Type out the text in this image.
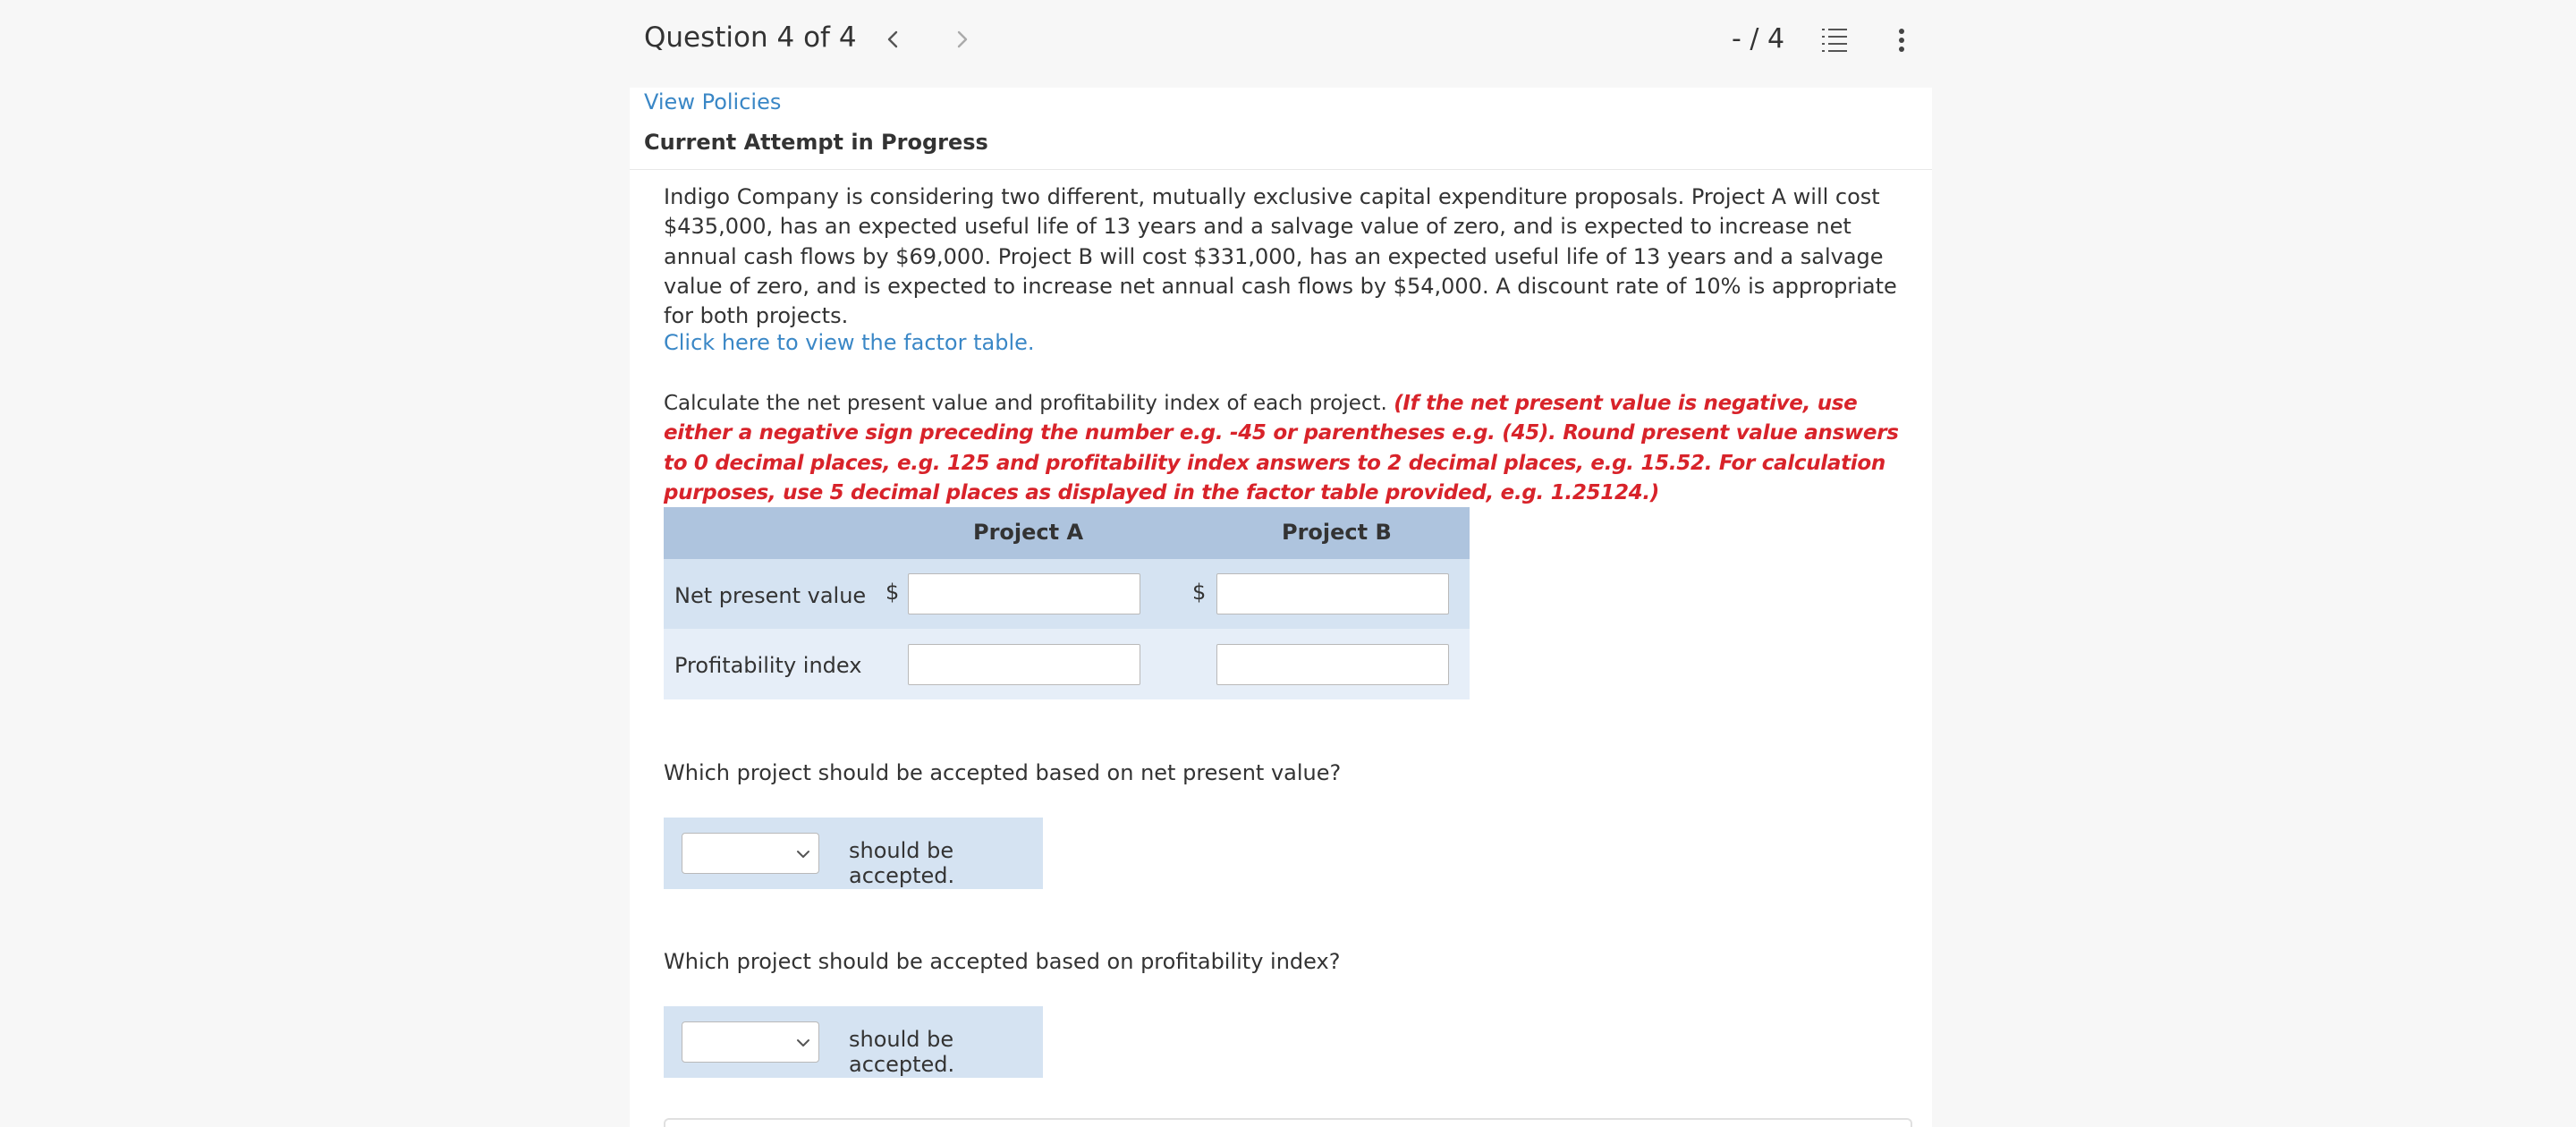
Question 4 of 4	- / 4
View Policies
Current Attempt in Progress
Indigo Company is considering two different, mutually exclusive capital expenditure proposals. Project A will cost $435,000, has an expected useful life of 13 years and a salvage value of zero, and is expected to increase net annual cash flows by $69,000. Project B will cost $331,000, has an expected useful life of 13 years and a salvage value of zero, and is expected to increase net annual cash flows by $54,000. A discount rate of 10% is appropriate for both projects.
Click here to view the factor table.
Calculate the net present value and profitability index of each project. (If the net present value is negative, use either a negative sign preceding the number e.g. -45 or parentheses e.g. (45). Round present value answers to 0 decimal places, e.g. 125 and profitability index answers to 2 decimal places, e.g. 15.52. For calculation purposes, use 5 decimal places as displayed in the factor table provided, e.g. 1.25124.)
Project A	Project B
Net present value $	$
Profitability index
Which project should be accepted based on net present value?
should be accepted.
Which project should be accepted based on profitability index?
should be accepted.
